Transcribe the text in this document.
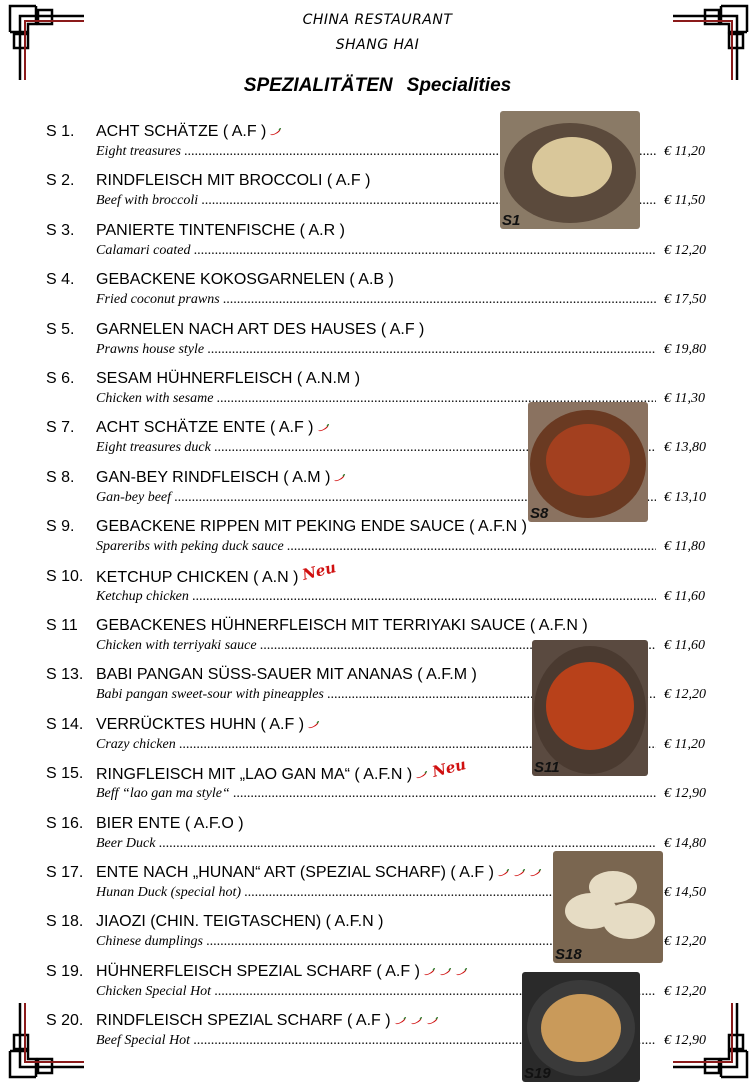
CHINA RESTAURANT
SHANG HAI
SPEZIALITÄTEN Specialities
S 1. ACHT SCHÄTZE ( A.F )
Eight treasures .....	€ 11,20
S 2. RINDFLEISCH MIT BROCCOLI ( A.F )
Beef with broccoli .....	€ 11,50
S 3. PANIERTE TINTENFISCHE ( A.R )
Calamari coated .....	€ 12,20
S 4. GEBACKENE KOKOSGARNELEN ( A.B )
Fried coconut prawns .....	€ 17,50
S 5. GARNELEN NACH ART DES HAUSES ( A.F )
Prawns house style .....	€ 19,80
S 6. SESAM HÜHNERFLEISCH ( A.N.M )
Chicken with sesame .....	€ 11,30
S 7. ACHT SCHÄTZE ENTE ( A.F )
Eight treasures duck .....	€ 13,80
S 8. GAN-BEY RINDFLEISCH ( A.M )
Gan-bey beef .....	€ 13,10
S 9. GEBACKENE RIPPEN MIT PEKING ENDE SAUCE ( A.F.N )
Spareribs with peking duck sauce .....	€ 11,80
S 10. KETCHUP CHICKEN ( A.N ) Neu
Ketchup chicken .....	€ 11,60
S 11 GEBACKENES HÜHNERFLEISCH MIT TERRIYAKI SAUCE ( A.F.N )
Chicken with terriyaki sauce .....	€ 11,60
S 13. BABI PANGAN SÜSS-SAUER MIT ANANAS ( A.F.M )
Babi pangan sweet-sour with pineapples .....	€ 12,20
S 14. VERRÜCKTES HUHN ( A.F )
Crazy chicken .....	€ 11,20
S 15. RINGFLEISCH MIT „LAO GAN MA“ ( A.F.N ) Neu
Beff “lao gan ma style“ .....	€ 12,90
S 16. BIER ENTE ( A.F.O )
Beer Duck .....	€ 14,80
S 17. ENTE NACH „HUNAN“ ART (SPEZIAL SCHARF) ( A.F )
Hunan Duck (special hot) .....	€ 14,50
S 18. JIAOZI (CHIN. TEIGTASCHEN) ( A.F.N )
Chinese dumplings .....	€ 12,20
S 19. HÜHNERFLEISCH SPEZIAL SCHARF ( A.F )
Chicken Special Hot .....	€ 12,20
S 20. RINDFLEISCH SPEZIAL SCHARF ( A.F )
Beef Special Hot .....	€ 12,90
S1
S8
S11
S18
S19
